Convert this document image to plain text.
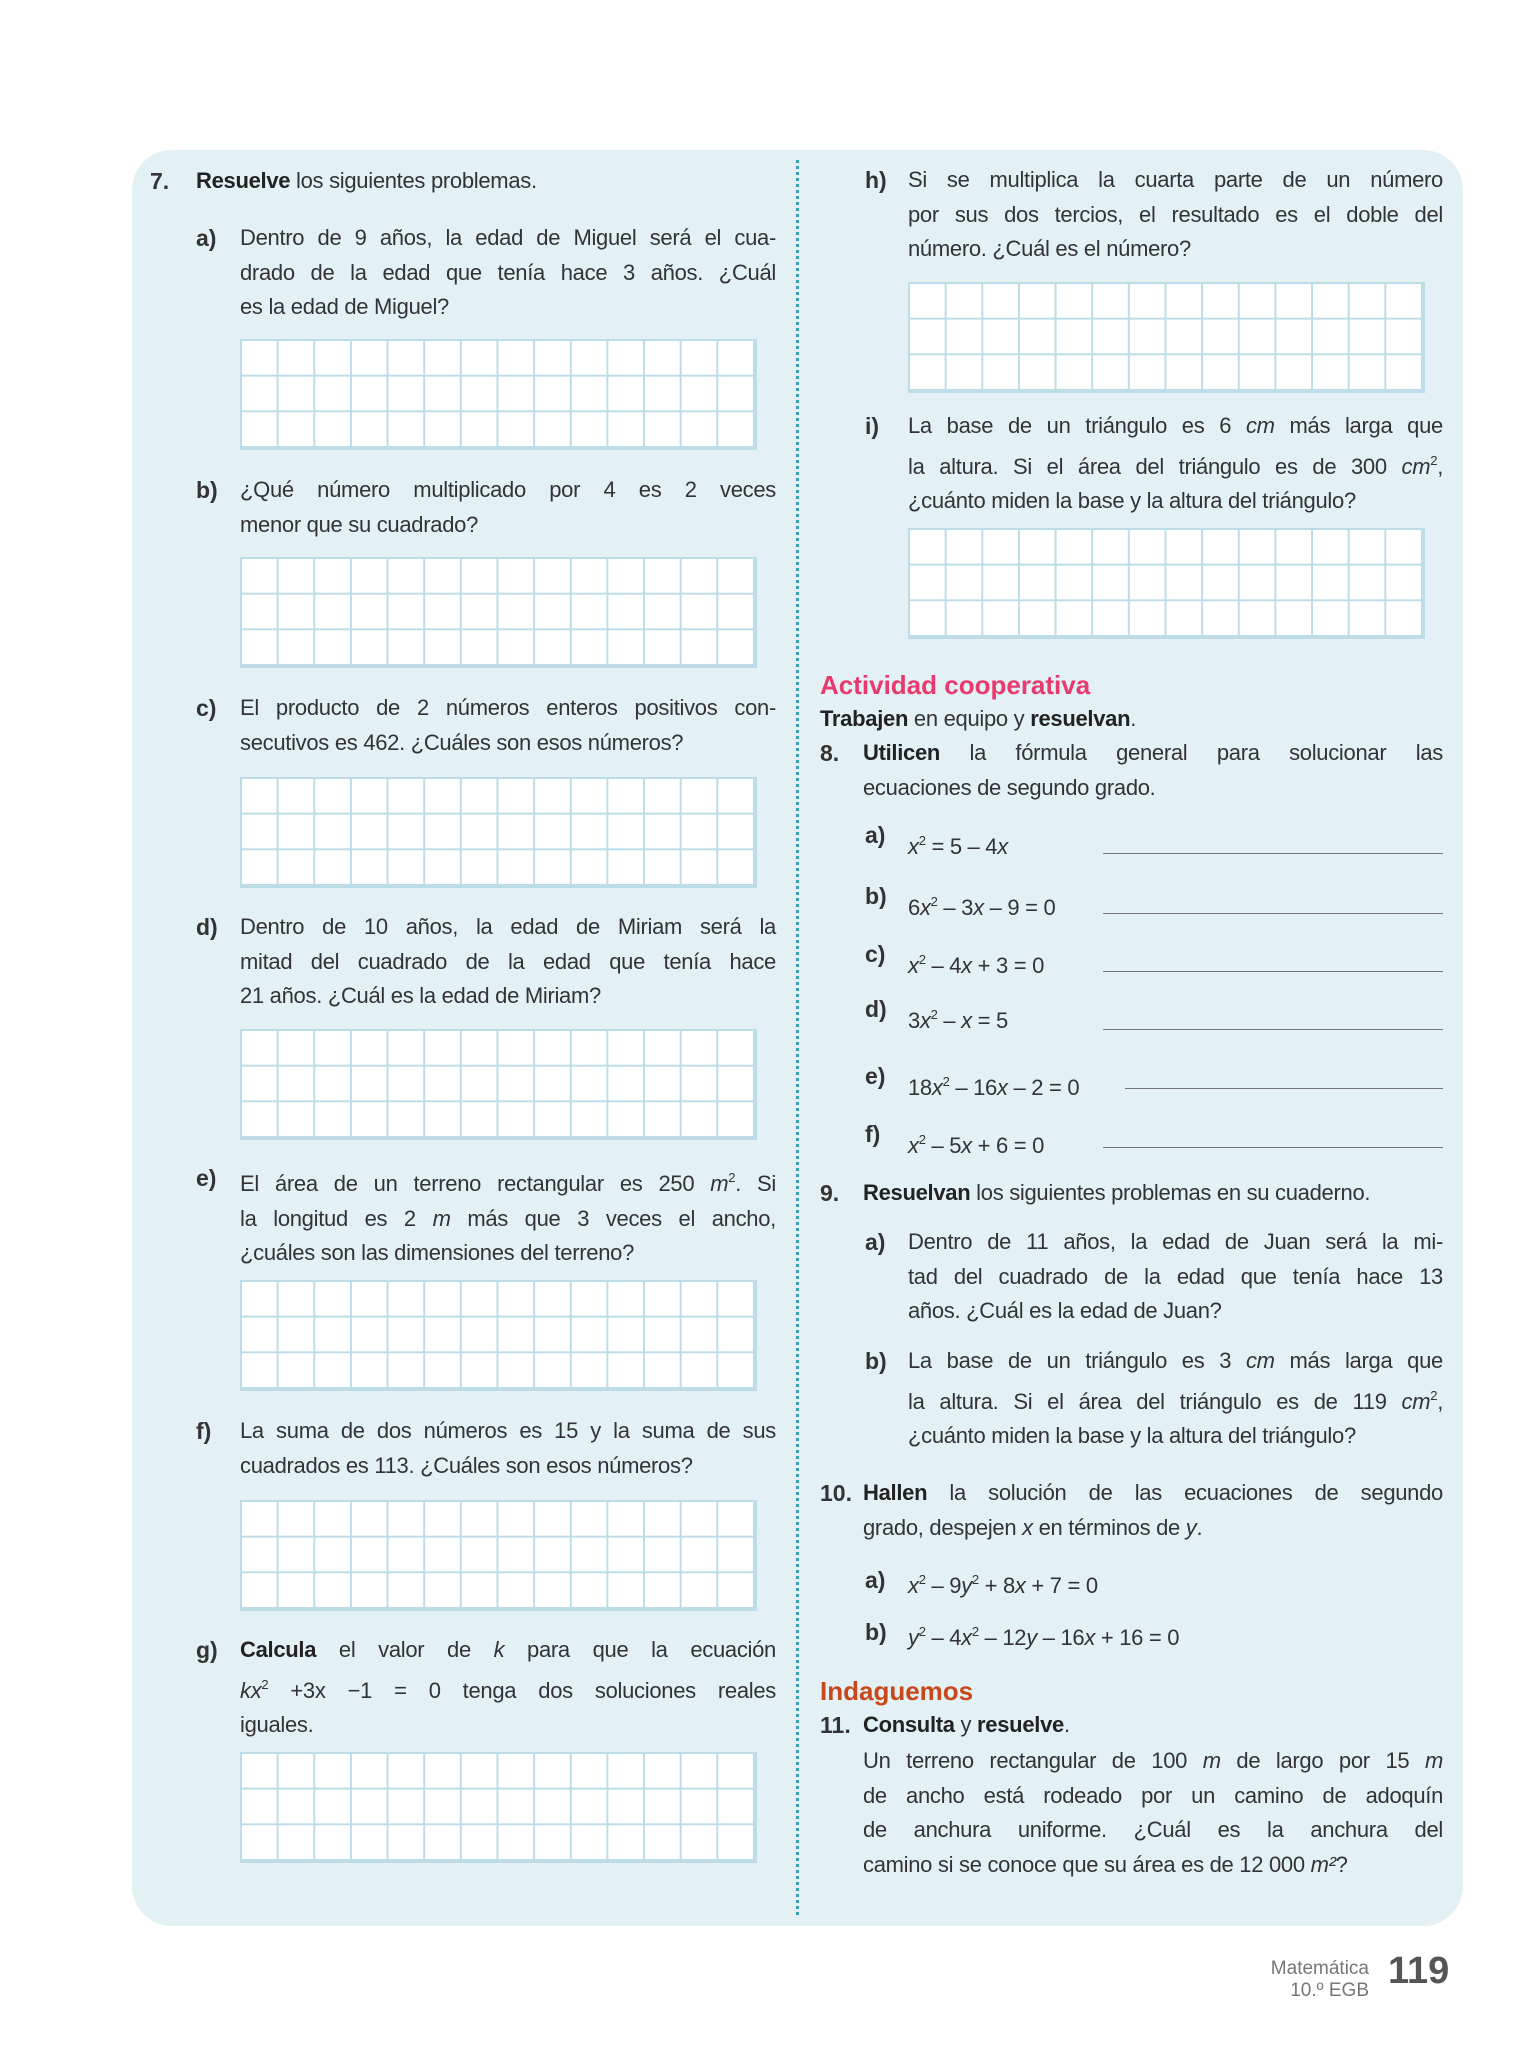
7. Resuelve los siguientes problemas.
Actividad cooperativa
Trabajen en equipo y resuelvan.
8. Utilicen la fórmula general para solucionar las
ecuaciones de segundo grado.
9. Resuelvan los siguientes problemas en su cuaderno.
10. Hallen la solución de las ecuaciones de segundo
grado, despejen x en términos de y.
Indaguemos
11. Consulta y resuelve.
Un terreno rectangular de 100 m de largo por 15 m
de ancho está rodeado por un camino de adoquín
de anchura uniforme. ¿Cuál es la anchura del
camino si se conoce que su área es de 12 000 m²?
Matemática
10.º EGB 119
a) Dentro de 9 años, la edad de Miguel será el cua-
drado de la edad que tenía hace 3 años. ¿Cuál
es la edad de Miguel?
b) ¿Qué número multiplicado por 4 es 2 veces
menor que su cuadrado?
c) El producto de 2 números enteros positivos con-
secutivos es 462. ¿Cuáles son esos números?
d) Dentro de 10 años, la edad de Miriam será la
mitad del cuadrado de la edad que tenía hace
21 años. ¿Cuál es la edad de Miriam?
e) El área de un terreno rectangular es 250 $m^2$. Si
la longitud es 2 m más que 3 veces el ancho,
¿cuáles son las dimensiones del terreno?
f) La suma de dos números es 15 y la suma de sus
cuadrados es 113. ¿Cuáles son esos números?
g) Calcula el valor de k para que la ecuación
$kx^2 +3x -1 = 0$ tenga dos soluciones reales
iguales.
h) Si se multiplica la cuarta parte de un número
por sus dos tercios, el resultado es el doble del
número. ¿Cuál es el número?
i) La base de un triángulo es 6 cm más larga que
la altura. Si el área del triángulo es de 300 $cm^2$,
¿cuánto miden la base y la altura del triángulo?
a) $x^2 = 5 - 4x$
b) $6x^2 - 3x - 9 = 0$
c) $x^2 - 4x + 3 = 0$
d) $3x^2 - x = 5$
e) $18x^2 - 16x - 2 = 0$
f) $x^2 - 5x + 6 = 0$
a) Dentro de 11 años, la edad de Juan será la mi-
tad del cuadrado de la edad que tenía hace 13
años. ¿Cuál es la edad de Juan?
b) La base de un triángulo es 3 cm más larga que
la altura. Si el área del triángulo es de 119 $cm^2$,
¿cuánto miden la base y la altura del triángulo?
a) $x^2 - 9y^2 + 8x + 7 = 0$
b) $y^2 - 4x^2 - 12y - 16x + 16 = 0$
